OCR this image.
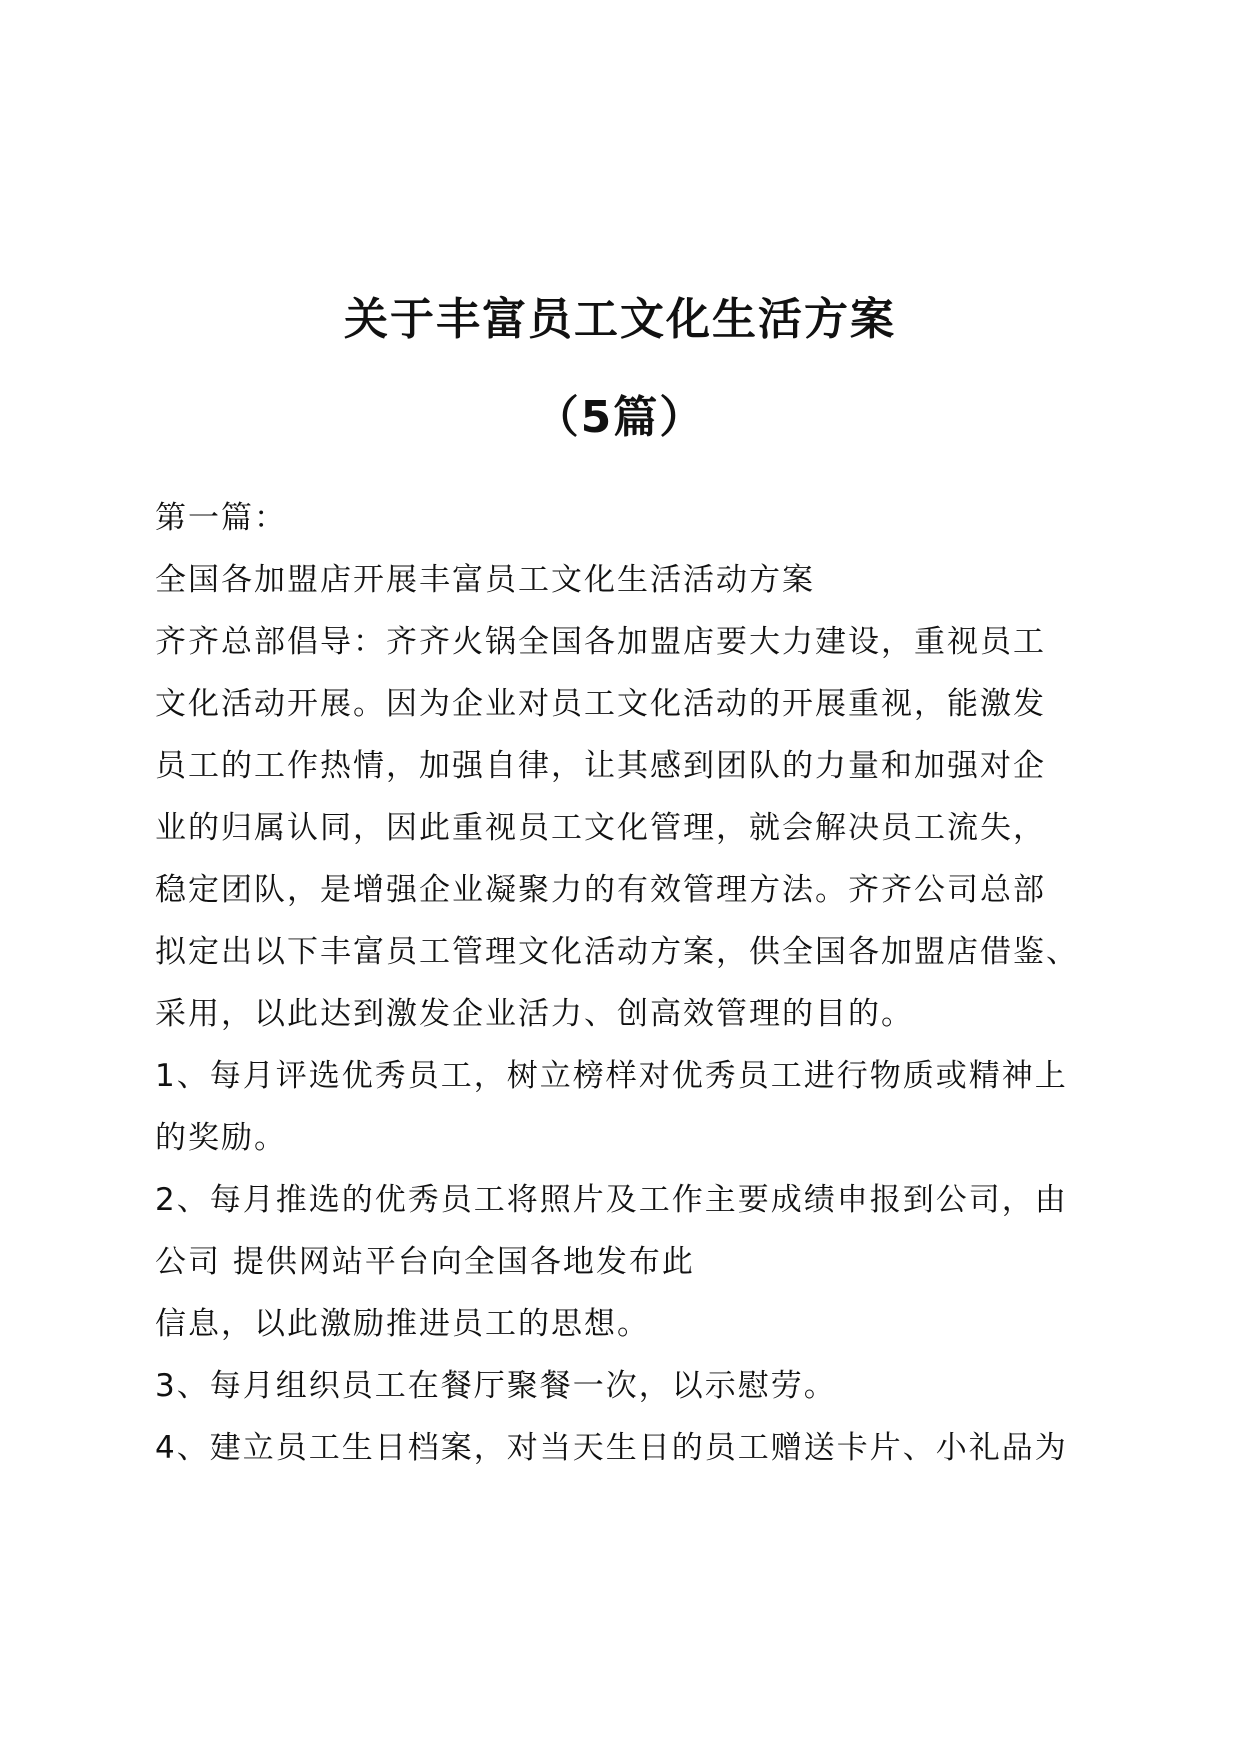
关于丰富员工文化生活方案
（5篇）
第一篇：
全国各加盟店开展丰富员工文化生活活动方案
齐齐总部倡导：齐齐火锅全国各加盟店要大力建设，重视员工
文化活动开展。因为企业对员工文化活动的开展重视，能激发
员工的工作热情，加强自律，让其感到团队的力量和加强对企
业的归属认同，因此重视员工文化管理，就会解决员工流失，
稳定团队，是增强企业凝聚力的有效管理方法。齐齐公司总部
拟定出以下丰富员工管理文化活动方案，供全国各加盟店借鉴、
采用，以此达到激发企业活力、创高效管理的目的。
1、每月评选优秀员工，树立榜样对优秀员工进行物质或精神上
的奖励。
2、每月推选的优秀员工将照片及工作主要成绩申报到公司，由
公司 提供网站平台向全国各地发布此
信息，以此激励推进员工的思想。
3、每月组织员工在餐厅聚餐一次，以示慰劳。
4、建立员工生日档案，对当天生日的员工赠送卡片、小礼品为
